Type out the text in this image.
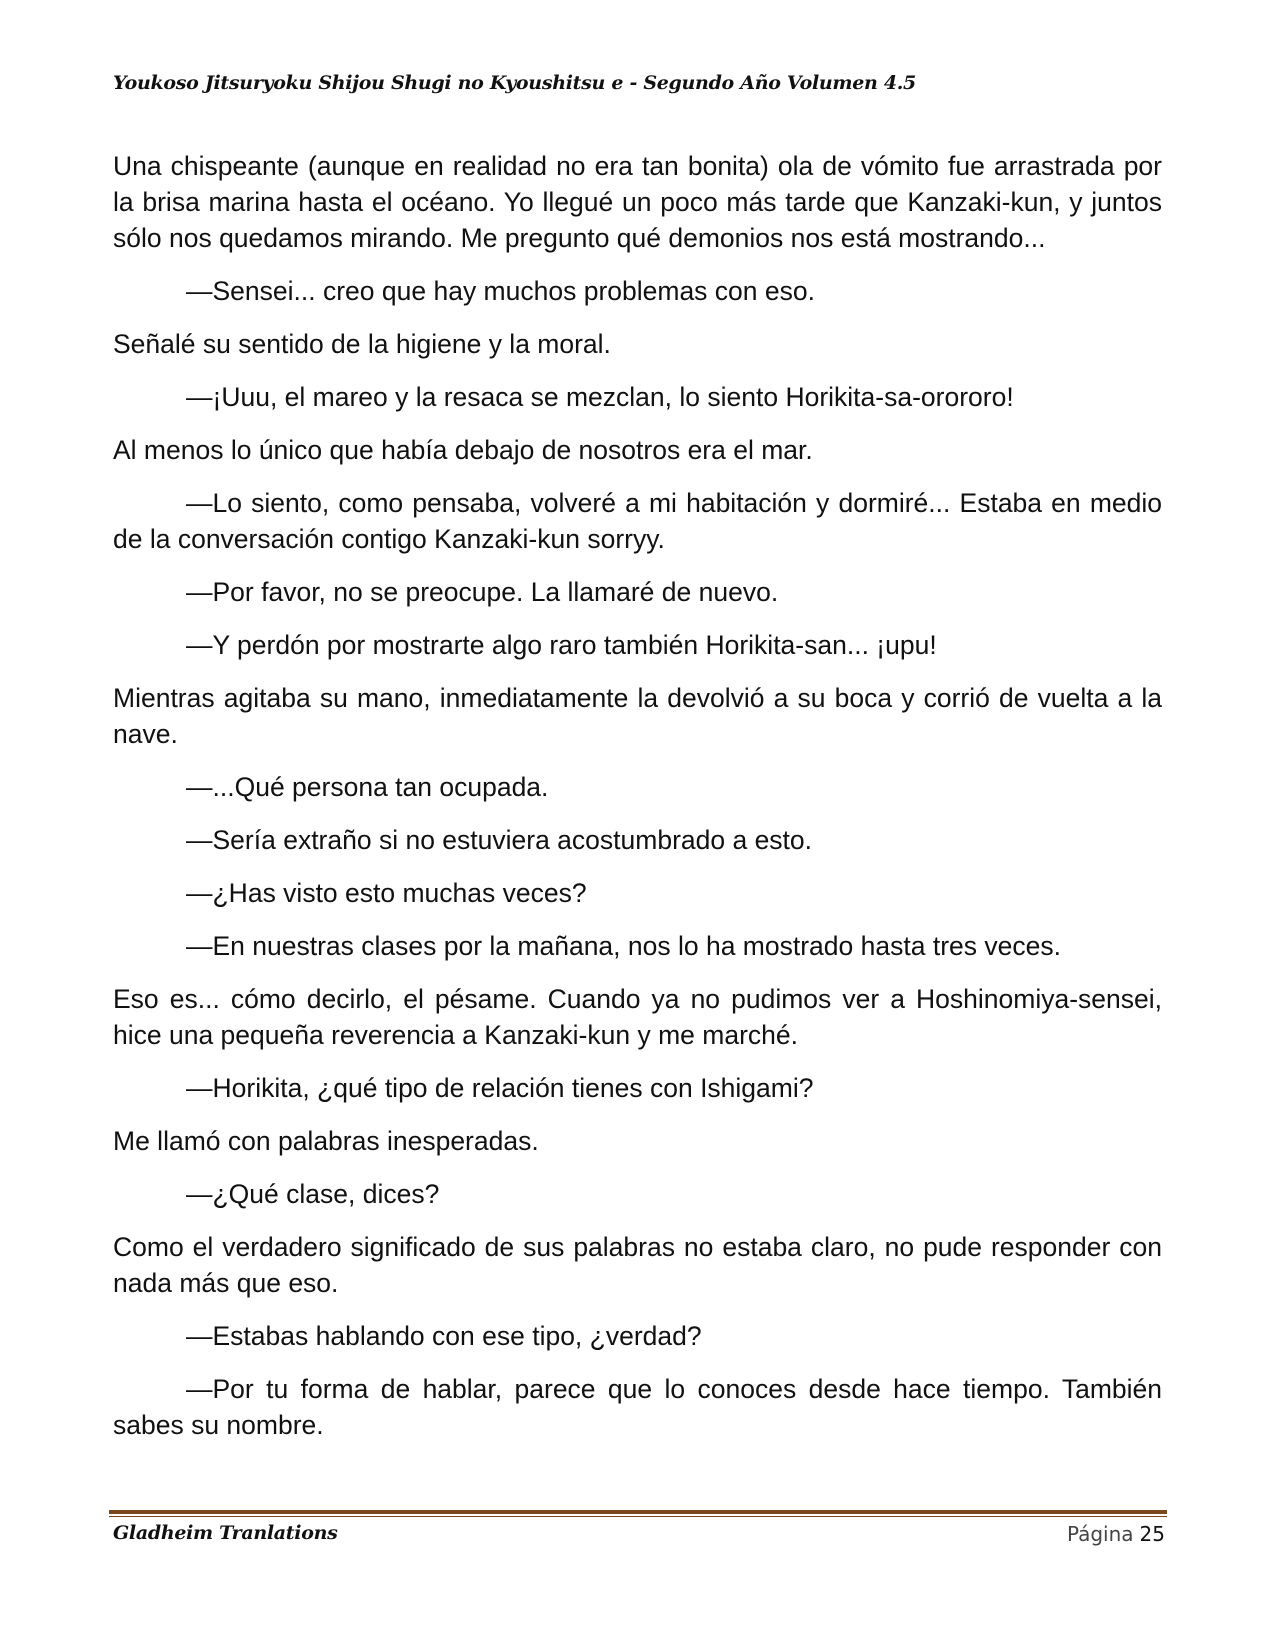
Youkoso Jitsuryoku Shijou Shugi no Kyoushitsu e - Segundo Año Volumen 4.5

Una chispeante (aunque en realidad no era tan bonita) ola de vómito fue arrastrada por la brisa marina hasta el océano. Yo llegué un poco más tarde que Kanzaki-kun, y juntos sólo nos quedamos mirando. Me pregunto qué demonios nos está mostrando...

—Sensei... creo que hay muchos problemas con eso.

Señalé su sentido de la higiene y la moral.

—¡Uuu, el mareo y la resaca se mezclan, lo siento Horikita-sa-orororo!

Al menos lo único que había debajo de nosotros era el mar.

—Lo siento, como pensaba, volveré a mi habitación y dormiré... Estaba en medio de la conversación contigo Kanzaki-kun sorryy.

—Por favor, no se preocupe. La llamaré de nuevo.

—Y perdón por mostrarte algo raro también Horikita-san... ¡upu!

Mientras agitaba su mano, inmediatamente la devolvió a su boca y corrió de vuelta a la nave.

—...Qué persona tan ocupada.

—Sería extraño si no estuviera acostumbrado a esto.

—¿Has visto esto muchas veces?

—En nuestras clases por la mañana, nos lo ha mostrado hasta tres veces.

Eso es... cómo decirlo, el pésame. Cuando ya no pudimos ver a Hoshinomiya-sensei, hice una pequeña reverencia a Kanzaki-kun y me marché.

—Horikita, ¿qué tipo de relación tienes con Ishigami?

Me llamó con palabras inesperadas.

—¿Qué clase, dices?

Como el verdadero significado de sus palabras no estaba claro, no pude responder con nada más que eso.

—Estabas hablando con ese tipo, ¿verdad?

—Por tu forma de hablar, parece que lo conoces desde hace tiempo. También sabes su nombre.

Gladheim Tranlations	Página 25
